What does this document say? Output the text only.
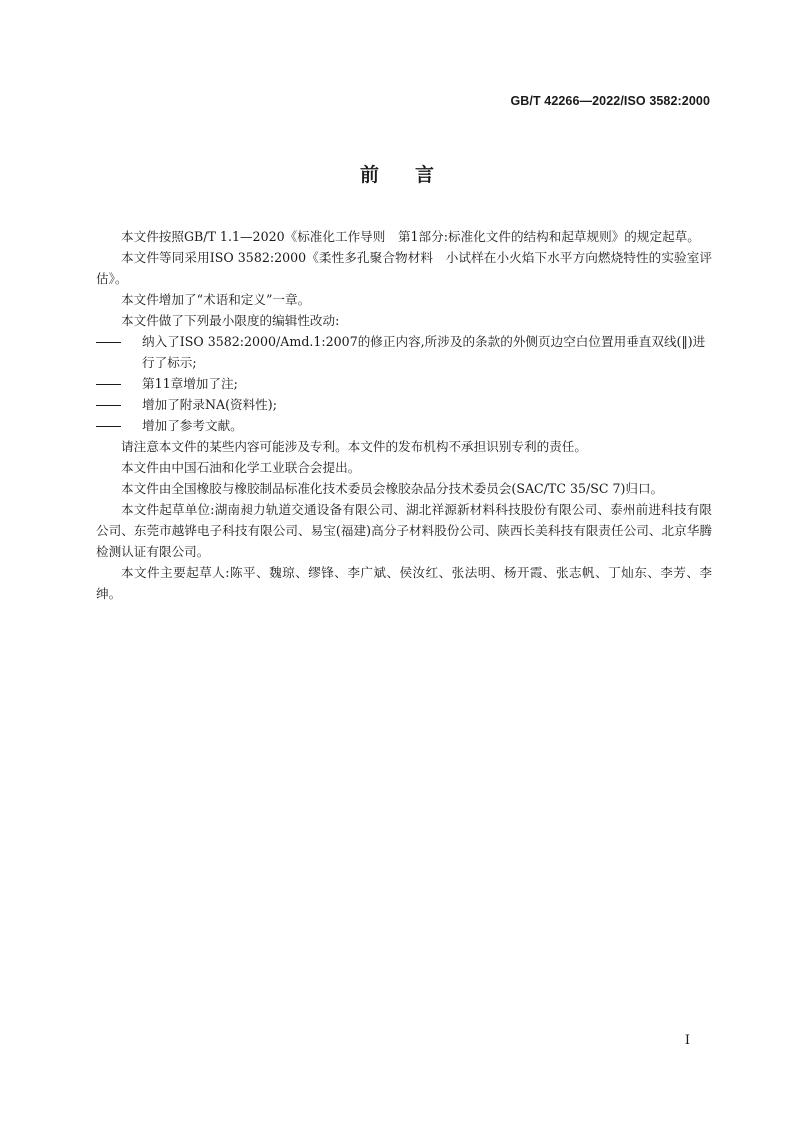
GB/T 42266—2022/ISO 3582:2000
前言

本文件按照GB/T 1.1—2020《标准化工作导则　第1部分:标准化文件的结构和起草规则》的规定起草。

本文件等同采用ISO 3582:2000《柔性多孔聚合物材料　小试样在小火焰下水平方向燃烧特性的实验室评估》。

本文件增加了“术语和定义”一章。

本文件做了下列最小限度的编辑性改动:

纳入了ISO 3582:2000/Amd.1:2007的修正内容,所涉及的条款的外侧页边空白位置用垂直双线(‖)进行了标示;

第11章增加了注;

增加了附录NA(资料性);

增加了参考文献。

请注意本文件的某些内容可能涉及专利。本文件的发布机构不承担识别专利的责任。

本文件由中国石油和化学工业联合会提出。

本文件由全国橡胶与橡胶制品标准化技术委员会橡胶杂品分技术委员会(SAC/TC 35/SC 7)归口。

本文件起草单位:湖南昶力轨道交通设备有限公司、湖北祥源新材料科技股份有限公司、泰州前进科技有限公司、东莞市越铧电子科技有限公司、易宝(福建)高分子材料股份公司、陕西长美科技有限责任公司、北京华腾检测认证有限公司。

本文件主要起草人:陈平、魏琼、缪锋、李广斌、侯汝红、张法明、杨开霞、张志帆、丁灿东、李芳、李绅。

I
